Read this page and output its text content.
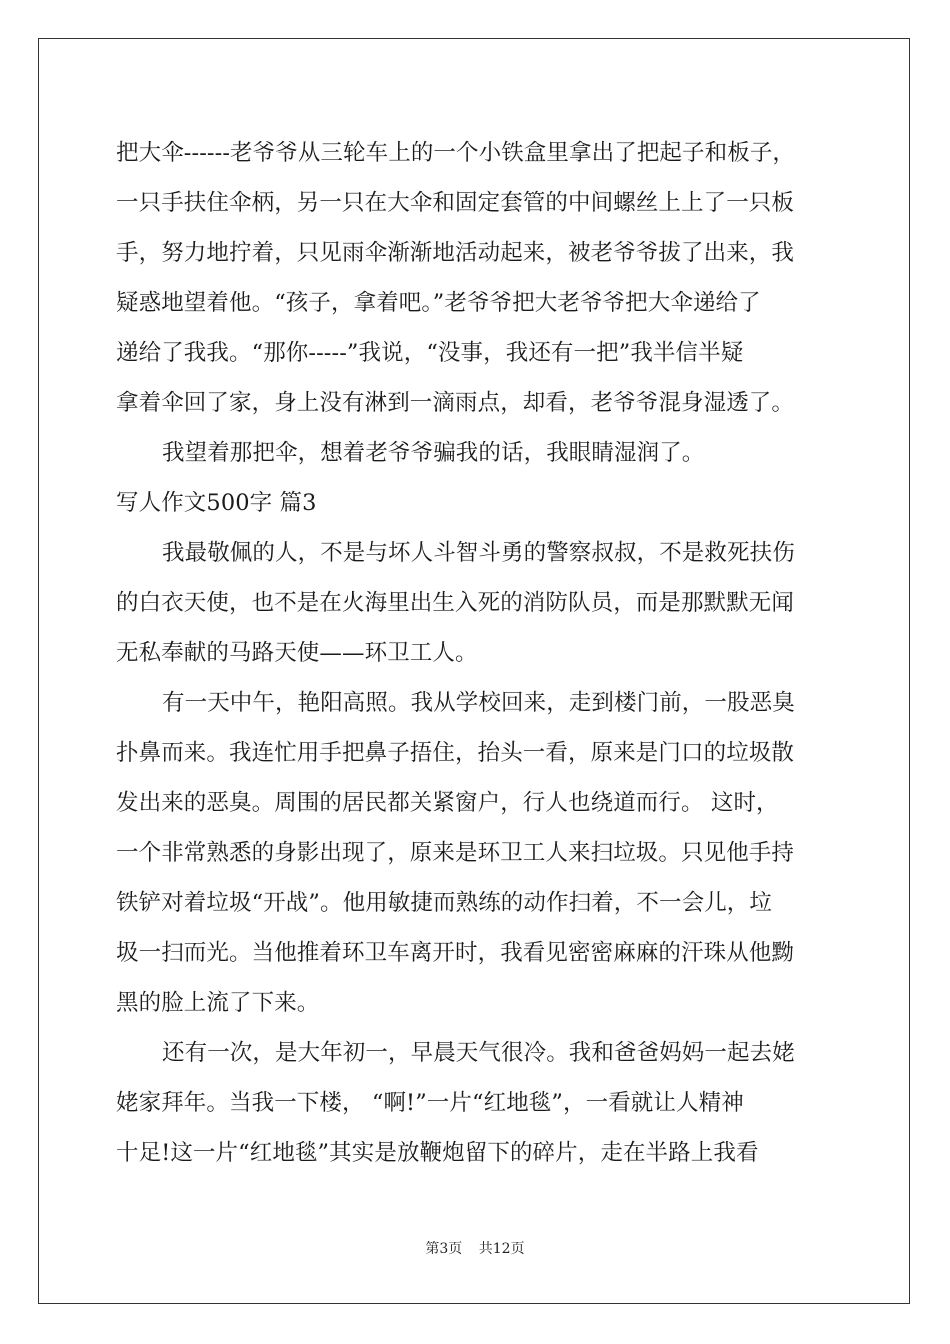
把大伞------老爷爷从三轮车上的一个小铁盒里拿出了把起子和板子，
一只手扶住伞柄，另一只在大伞和固定套管的中间螺丝上上了一只板
手，努力地拧着，只见雨伞渐渐地活动起来，被老爷爷拔了出来，我
疑惑地望着他。“孩子，拿着吧。”老爷爷把大老爷爷把大伞递给了
递给了我我。“那你-----”我说，“没事，我还有一把”我半信半疑
拿着伞回了家，身上没有淋到一滴雨点，却看，老爷爷混身湿透了。
我望着那把伞，想着老爷爷骗我的话，我眼睛湿润了。
写人作文500字 篇3
我最敬佩的人，不是与坏人斗智斗勇的警察叔叔，不是救死扶伤
的白衣天使，也不是在火海里出生入死的消防队员，而是那默默无闻
无私奉献的马路天使——环卫工人。
有一天中午，艳阳高照。我从学校回来，走到楼门前，一股恶臭
扑鼻而来。我连忙用手把鼻子捂住，抬头一看，原来是门口的垃圾散
发出来的恶臭。周围的居民都关紧窗户，行人也绕道而行。 这时，
一个非常熟悉的身影出现了，原来是环卫工人来扫垃圾。只见他手持
铁铲对着垃圾“开战”。他用敏捷而熟练的动作扫着，不一会儿，垃
圾一扫而光。当他推着环卫车离开时，我看见密密麻麻的汗珠从他黝
黑的脸上流了下来。
还有一次，是大年初一，早晨天气很冷。我和爸爸妈妈一起去姥
姥家拜年。当我一下楼， “啊!”一片“红地毯”，一看就让人精神
十足!这一片“红地毯”其实是放鞭炮留下的碎片，走在半路上我看
第3页 共12页
